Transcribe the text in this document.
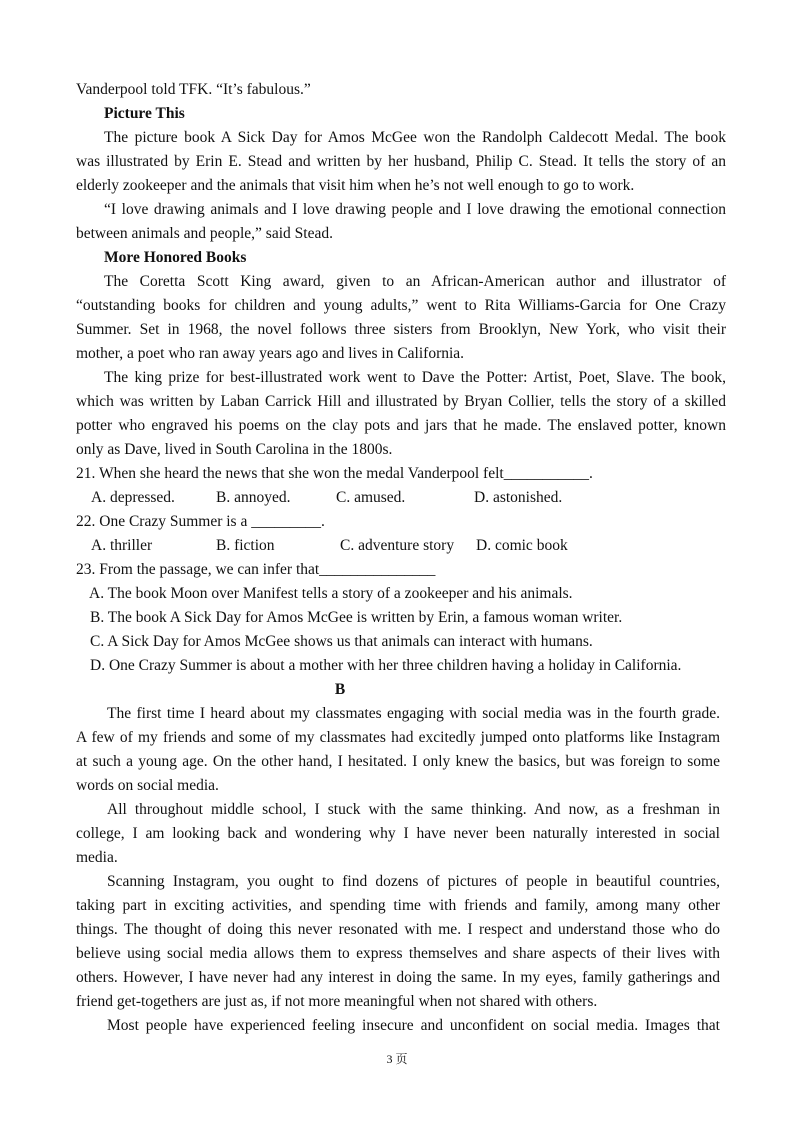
3 页
Vanderpool told TFK. “It’s fabulous.”
Picture This
The picture book A Sick Day for Amos McGee won the Randolph Caldecott Medal. The book
was illustrated by Erin E. Stead and written by her husband, Philip C. Stead. It tells the story of an
elderly zookeeper and the animals that visit him when he’s not well enough to go to work.
“I love drawing animals and I love drawing people and I love drawing the emotional connection
between animals and people,” said Stead.
More Honored Books
The Coretta Scott King award, given to an African-American author and illustrator of
“outstanding books for children and young adults,” went to Rita Williams-Garcia for One Crazy
Summer. Set in 1968, the novel follows three sisters from Brooklyn, New York, who visit their
mother, a poet who ran away years ago and lives in California.
The king prize for best-illustrated work went to Dave the Potter: Artist, Poet, Slave. The book,
which was written by Laban Carrick Hill and illustrated by Bryan Collier, tells the story of a skilled
potter who engraved his poems on the clay pots and jars that he made. The enslaved potter, known
only as Dave, lived in South Carolina in the 1800s.
21. When she heard the news that she won the medal Vanderpool felt___________.
A. depressed.	B. annoyed.	C. amused.	D. astonished.
22. One Crazy Summer is a _________.
A. thriller	B. fiction	C. adventure story D. comic book
23. From the passage, we can infer that_______________
A. The book Moon over Manifest tells a story of a zookeeper and his animals.
B. The book A Sick Day for Amos McGee is written by Erin, a famous woman writer.
C. A Sick Day for Amos McGee shows us that animals can interact with humans.
D. One Crazy Summer is about a mother with her three children having a holiday in California.
B
The first time I heard about my classmates engaging with social media was in the fourth grade.
A few of my friends and some of my classmates had excitedly jumped onto platforms like Instagram
at such a young age. On the other hand, I hesitated. I only knew the basics, but was foreign to some
words on social media.
All throughout middle school, I stuck with the same thinking. And now, as a freshman in
college, I am looking back and wondering why I have never been naturally interested in social
media.
Scanning Instagram, you ought to find dozens of pictures of people in beautiful countries,
taking part in exciting activities, and spending time with friends and family, among many other
things. The thought of doing this never resonated with me. I respect and understand those who do
believe using social media allows them to express themselves and share aspects of their lives with
others. However, I have never had any interest in doing the same. In my eyes, family gatherings and
friend get-togethers are just as, if not more meaningful when not shared with others.
Most people have experienced feeling insecure and unconfident on social media. Images that
